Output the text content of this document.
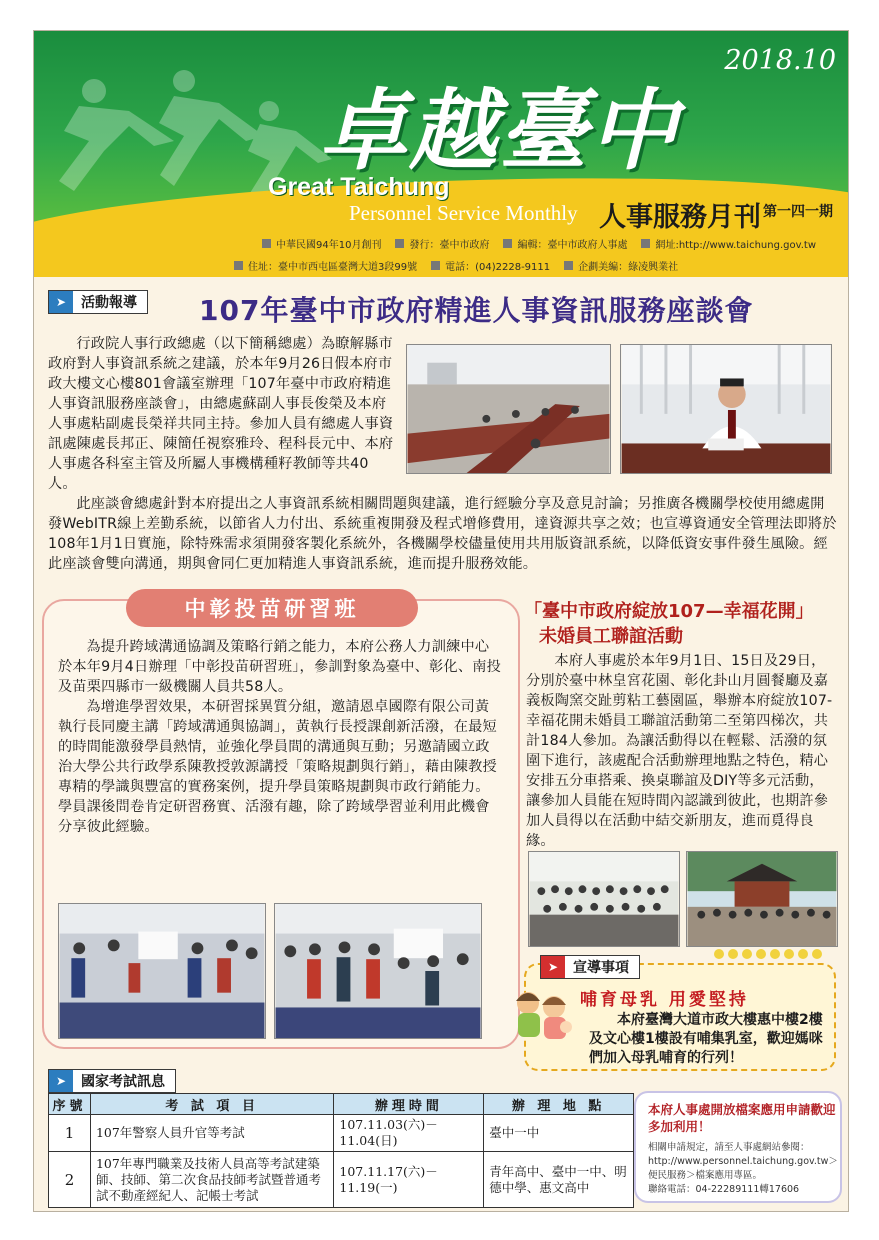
2018.10
卓越臺中
Great Taichung
Personnel Service Monthly 人事服務月刊 第一四一期
中華民國94年10月創刊	發行：臺中市政府	編輯：臺中市政府人事處	網址:http://www.taichung.gov.tw
住址：臺中市西屯區臺灣大道3段99號	電話：(04)2228-9111	企劃美編：綠凌興業社
➤	活動報導 107年臺中市政府精進人事資訊服務座談會
行政院人事行政總處（以下簡稱總處）為瞭解縣市政府對人事資訊系統之建議，於本年9月26日假本府市政大樓文心樓801會議室辦理「107年臺中市政府精進人事資訊服務座談會」，由總處蘇副人事長俊榮及本府人事處粘副處長榮祥共同主持。參加人員有總處人事資訊處陳處長邦正、陳簡任視察雅玲、程科長元中、本府人事處各科室主管及所屬人事機構種籽教師等共40人。
此座談會總處針對本府提出之人事資訊系統相關問題與建議，進行經驗分享及意見討論；另推廣各機關學校使用總處開發WebITR線上差勤系統，以節省人力付出、系統重複開發及程式增修費用，達資源共享之效；也宣導資通安全管理法即將於108年1月1日實施，除特殊需求須開發客製化系統外，各機關學校儘量使用共用版資訊系統，以降低資安事件發生風險。經此座談會雙向溝通，期與會同仁更加精進人事資訊系統，進而提升服務效能。
中彰投苗研習班
為提升跨域溝通協調及策略行銷之能力，本府公務人力訓練中心於本年9月4日辦理「中彰投苗研習班」，參訓對象為臺中、彰化、南投及苗栗四縣市一級機關人員共58人。
為增進學習效果，本研習採異質分組，邀請恩卓國際有限公司黃執行長同慶主講「跨域溝通與協調」，黃執行長授課創新活潑，在最短的時間能激發學員熱情，並強化學員間的溝通與互動；另邀請國立政治大學公共行政學系陳教授敦源講授「策略規劃與行銷」，藉由陳教授專精的學識與豐富的實務案例，提升學員策略規劃與市政行銷能力。學員課後問卷肯定研習務實、活潑有趣，除了跨域學習並利用此機會分享彼此經驗。
「臺中市政府綻放107—幸福花開」
未婚員工聯誼活動
本府人事處於本年9月1日、15日及29日，分別於臺中林皇宮花園、彰化卦山月圓餐廳及嘉義板陶窯交趾剪粘工藝園區，舉辦本府綻放107-幸福花開未婚員工聯誼活動第二至第四梯次，共計184人參加。為讓活動得以在輕鬆、活潑的氛圍下進行，該處配合活動辦理地點之特色，精心安排五分車搭乘、換桌聯誼及DIY等多元活動，讓參加人員能在短時間內認識到彼此，也期許參加人員得以在活動中結交新朋友，進而覓得良緣。
➤	宣導事項
哺育母乳 用愛堅持
本府臺灣大道市政大樓惠中樓2樓及文心樓1樓設有哺集乳室，歡迎媽咪們加入母乳哺育的行列！
➤	國家考試訊息
序號	考 試 項 目	辦理時間	辦 理 地 點
1	107年警察人員升官等考試	107.11.03(六)－11.04(日)	臺中一中
2	107年專門職業及技術人員高等考試建築師、技師、第二次食品技師考試暨普通考試不動產經紀人、記帳士考試	107.11.17(六)－11.19(一)	青年高中、臺中一中、明德中學、惠文高中
本府人事處開放檔案應用申請歡迎多加利用！
相關申請規定，請至人事處網站參閱：http://www.personnel.taichung.gov.tw＞便民服務＞檔案應用專區。
聯絡電話：04-22289111轉17606
